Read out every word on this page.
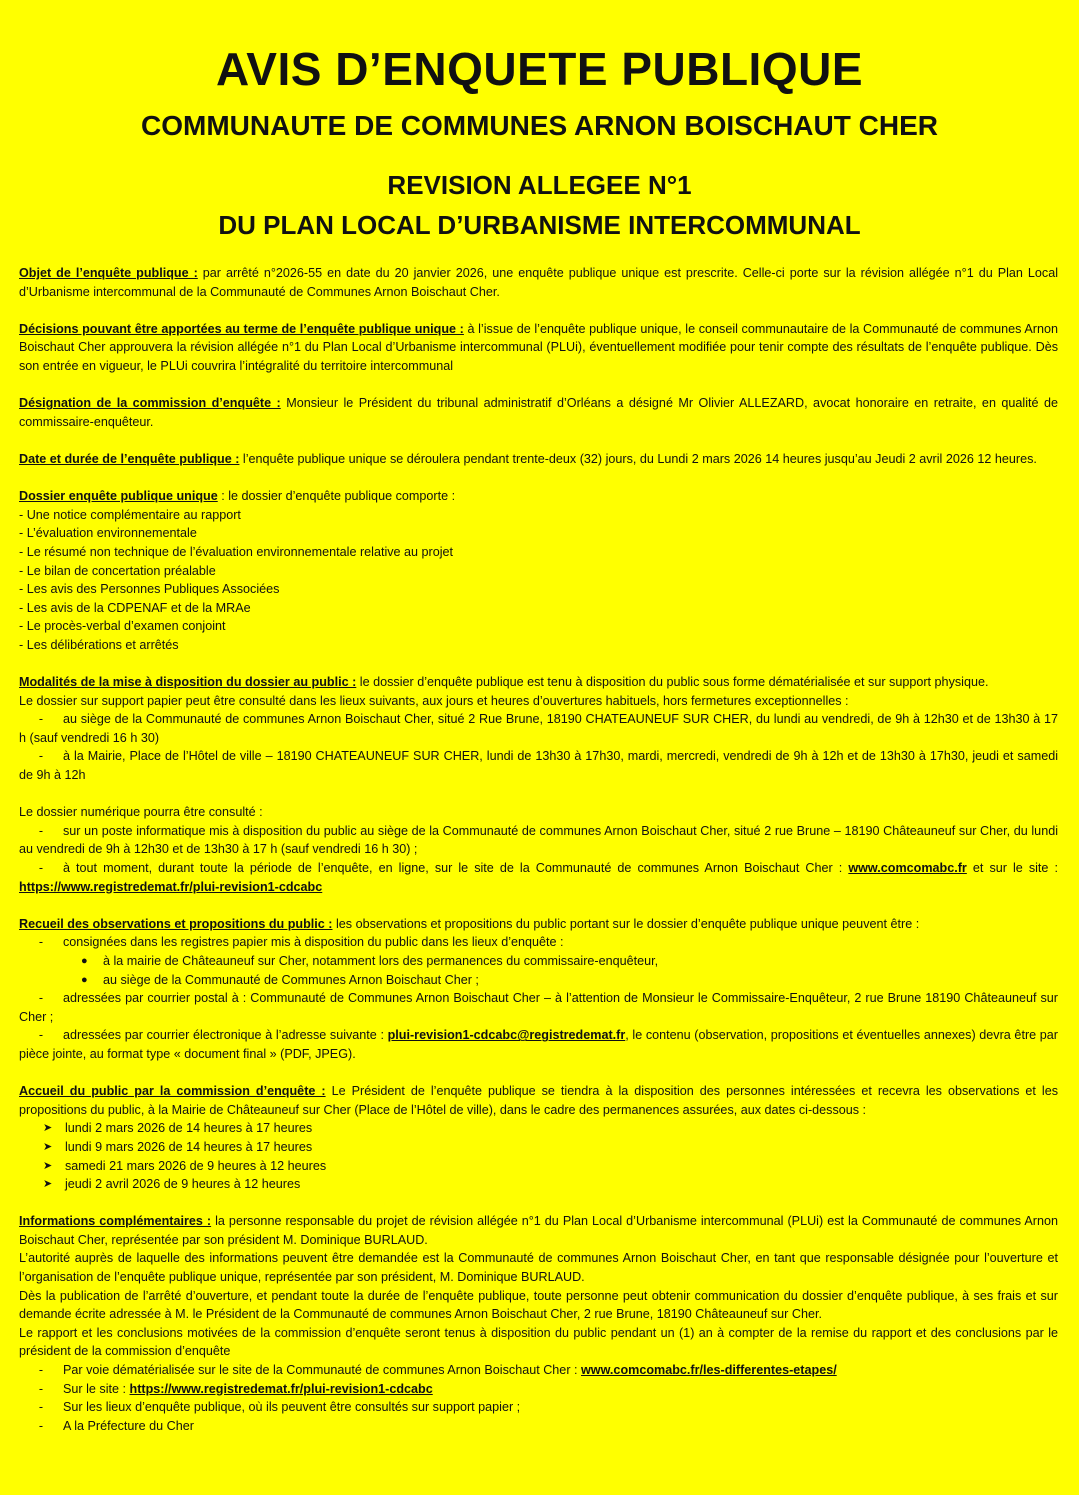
AVIS D’ENQUETE PUBLIQUE
COMMUNAUTE DE COMMUNES ARNON BOISCHAUT CHER
REVISION ALLEGEE N°1
DU PLAN LOCAL D’URBANISME INTERCOMMUNAL

Objet de l’enquête publique : par arrêté n°2026-55 en date du 20 janvier 2026, une enquête publique unique est prescrite. Celle-ci porte sur la révision allégée n°1 du Plan Local d’Urbanisme intercommunal de la Communauté de Communes Arnon Boischaut Cher.

Décisions pouvant être apportées au terme de l’enquête publique unique : à l’issue de l’enquête publique unique, le conseil communautaire de la Communauté de communes Arnon Boischaut Cher approuvera la révision allégée n°1 du Plan Local d’Urbanisme intercommunal (PLUi), éventuellement modifiée pour tenir compte des résultats de l’enquête publique. Dès son entrée en vigueur, le PLUi couvrira l’intégralité du territoire intercommunal

Désignation de la commission d’enquête : Monsieur le Président du tribunal administratif d’Orléans a désigné Mr Olivier ALLEZARD, avocat honoraire en retraite, en qualité de commissaire-enquêteur.

Date et durée de l’enquête publique : l’enquête publique unique se déroulera pendant trente-deux (32) jours, du Lundi 2 mars 2026 14 heures jusqu’au Jeudi 2 avril 2026 12 heures.

Dossier enquête publique unique : le dossier d’enquête publique comporte :
- Une notice complémentaire au rapport
- L’évaluation environnementale
- Le résumé non technique de l’évaluation environnementale relative au projet
- Le bilan de concertation préalable
- Les avis des Personnes Publiques Associées
- Les avis de la CDPENAF et de la MRAe
- Le procès-verbal d’examen conjoint
- Les délibérations et arrêtés
Modalités de la mise à disposition du dossier au public : le dossier d’enquête publique est tenu à disposition du public sous forme dématérialisée et sur support physique.
Le dossier sur support papier peut être consulté dans les lieux suivants, aux jours et heures d’ouvertures habituels, hors fermetures exceptionnelles :
- au siège de la Communauté de communes Arnon Boischaut Cher, situé 2 Rue Brune, 18190 CHATEAUNEUF SUR CHER, du lundi au vendredi, de 9h à 12h30 et de 13h30 à 17 h (sauf vendredi 16 h 30)
- à la Mairie, Place de l’Hôtel de ville – 18190 CHATEAUNEUF SUR CHER, lundi de 13h30 à 17h30, mardi, mercredi, vendredi de 9h à 12h et de 13h30 à 17h30, jeudi et samedi de 9h à 12h
Le dossier numérique pourra être consulté :
- sur un poste informatique mis à disposition du public au siège de la Communauté de communes Arnon Boischaut Cher, situé 2 rue Brune – 18190 Châteauneuf sur Cher, du lundi au vendredi de 9h à 12h30 et de 13h30 à 17 h (sauf vendredi 16 h 30) ;
- à tout moment, durant toute la période de l’enquête, en ligne, sur le site de la Communauté de communes Arnon Boischaut Cher : www.comcomabc.fr et sur le site : https://www.registredemat.fr/plui-revision1-cdcabc
Recueil des observations et propositions du public : les observations et propositions du public portant sur le dossier d’enquête publique unique peuvent être :
- consignées dans les registres papier mis à disposition du public dans les lieux d’enquête :
● à la mairie de Châteauneuf sur Cher, notamment lors des permanences du commissaire-enquêteur,
● au siège de la Communauté de Communes Arnon Boischaut Cher ;
- adressées par courrier postal à : Communauté de Communes Arnon Boischaut Cher – à l’attention de Monsieur le Commissaire-Enquêteur, 2 rue Brune 18190 Châteauneuf sur Cher ;
- adressées par courrier électronique à l’adresse suivante : plui-revision1-cdcabc@registredemat.fr, le contenu (observation, propositions et éventuelles annexes) devra être par pièce jointe, au format type « document final » (PDF, JPEG).
Accueil du public par la commission d’enquête : Le Président de l’enquête publique se tiendra à la disposition des personnes intéressées et recevra les observations et les propositions du public, à la Mairie de Châteauneuf sur Cher (Place de l’Hôtel de ville), dans le cadre des permanences assurées, aux dates ci-dessous :
➤ lundi 2 mars 2026 de 14 heures à 17 heures
➤ lundi 9 mars 2026 de 14 heures à 17 heures
➤ samedi 21 mars 2026 de 9 heures à 12 heures
➤ jeudi 2 avril 2026 de 9 heures à 12 heures
Informations complémentaires : la personne responsable du projet de révision allégée n°1 du Plan Local d’Urbanisme intercommunal (PLUi) est la Communauté de communes Arnon Boischaut Cher, représentée par son président M. Dominique BURLAUD.
L’autorité auprès de laquelle des informations peuvent être demandée est la Communauté de communes Arnon Boischaut Cher, en tant que responsable désignée pour l’ouverture et l’organisation de l’enquête publique unique, représentée par son président, M. Dominique BURLAUD.
Dès la publication de l’arrêté d’ouverture, et pendant toute la durée de l’enquête publique, toute personne peut obtenir communication du dossier d’enquête publique, à ses frais et sur demande écrite adressée à M. le Président de la Communauté de communes Arnon Boischaut Cher, 2 rue Brune, 18190 Châteauneuf sur Cher.
Le rapport et les conclusions motivées de la commission d’enquête seront tenus à disposition du public pendant un (1) an à compter de la remise du rapport et des conclusions par le président de la commission d’enquête
- Par voie dématérialisée sur le site de la Communauté de communes Arnon Boischaut Cher : www.comcomabc.fr/les-differentes-etapes/
- Sur le site : https://www.registredemat.fr/plui-revision1-cdcabc
- Sur les lieux d’enquête publique, où ils peuvent être consultés sur support papier ;
- A la Préfecture du Cher
